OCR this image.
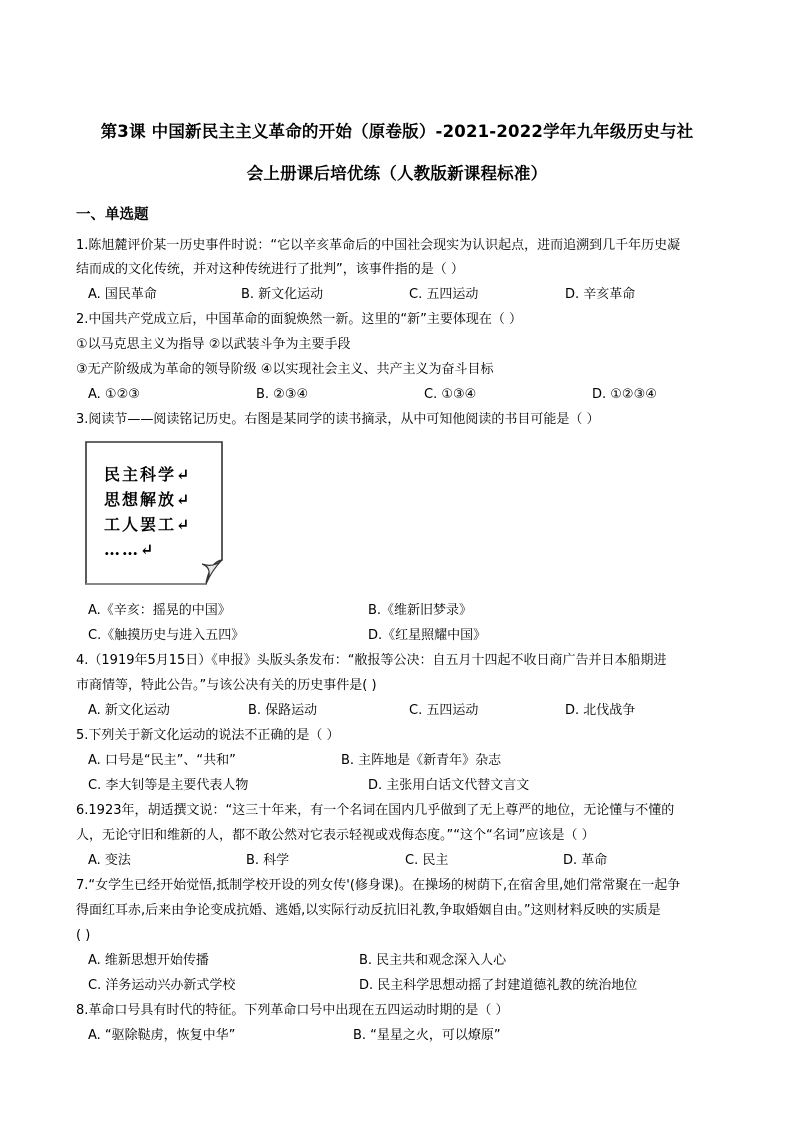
第3课 中国新民主主义革命的开始（原卷版）-2021-2022学年九年级历史与社
会上册课后培优练（人教版新课程标准）
一、单选题
1.陈旭麓评价某一历史事件时说：“它以辛亥革命后的中国社会现实为认识起点，进而追溯到几千年历史凝
结而成的文化传统，并对这种传统进行了批判”，该事件指的是（ ）
A. 国民革命	B. 新文化运动	C. 五四运动	D. 辛亥革命
2.中国共产党成立后，中国革命的面貌焕然一新。这里的“新”主要体现在（ ）
①以马克思主义为指导 ②以武装斗争为主要手段
③无产阶级成为革命的领导阶级 ④以实现社会主义、共产主义为奋斗目标
A. ①②③	B. ②③④	C. ①③④	D. ①②③④
3.阅读节——阅读铭记历史。右图是某同学的读书摘录，从中可知他阅读的书目可能是（ ）
民主科学↵
思想解放↵
工人罢工↵
……↵
A.《辛亥：摇晃的中国》	B.《维新旧梦录》
C.《触摸历史与进入五四》	D.《红星照耀中国》
4.（1919年5月15日）《申报》头版头条发布：“敝报等公决：自五月十四起不收日商广告并日本船期进
市商情等，特此公告。”与该公决有关的历史事件是( )
A. 新文化运动	B. 保路运动	C. 五四运动	D. 北伐战争
5.下列关于新文化运动的说法不正确的是（ ）
A. 口号是“民主”、“共和”	B. 主阵地是《新青年》杂志
C. 李大钊等是主要代表人物	D. 主张用白话文代替文言文
6.1923年，胡适撰文说：“这三十年来，有一个名词在国内几乎做到了无上尊严的地位，无论懂与不懂的
人，无论守旧和维新的人，都不敢公然对它表示轻视或戏侮态度。”“这个“名词”应该是（ ）
A. 变法	B. 科学	C. 民主	D. 革命
7.“女学生已经开始觉悟,抵制学校开设的列女传'(修身课)。在操场的树荫下,在宿舍里,她们常常聚在一起争
得面红耳赤,后来由争论变成抗婚、逃婚,以实际行动反抗旧礼教,争取婚姻自由。”这则材料反映的实质是
( )
A. 维新思想开始传播	B. 民主共和观念深入人心
C. 洋务运动兴办新式学校	D. 民主科学思想动摇了封建道德礼教的统治地位
8.革命口号具有时代的特征。下列革命口号中出现在五四运动时期的是（ ）
A. “驱除鞑虏，恢复中华”	B. “星星之火，可以燎原”
